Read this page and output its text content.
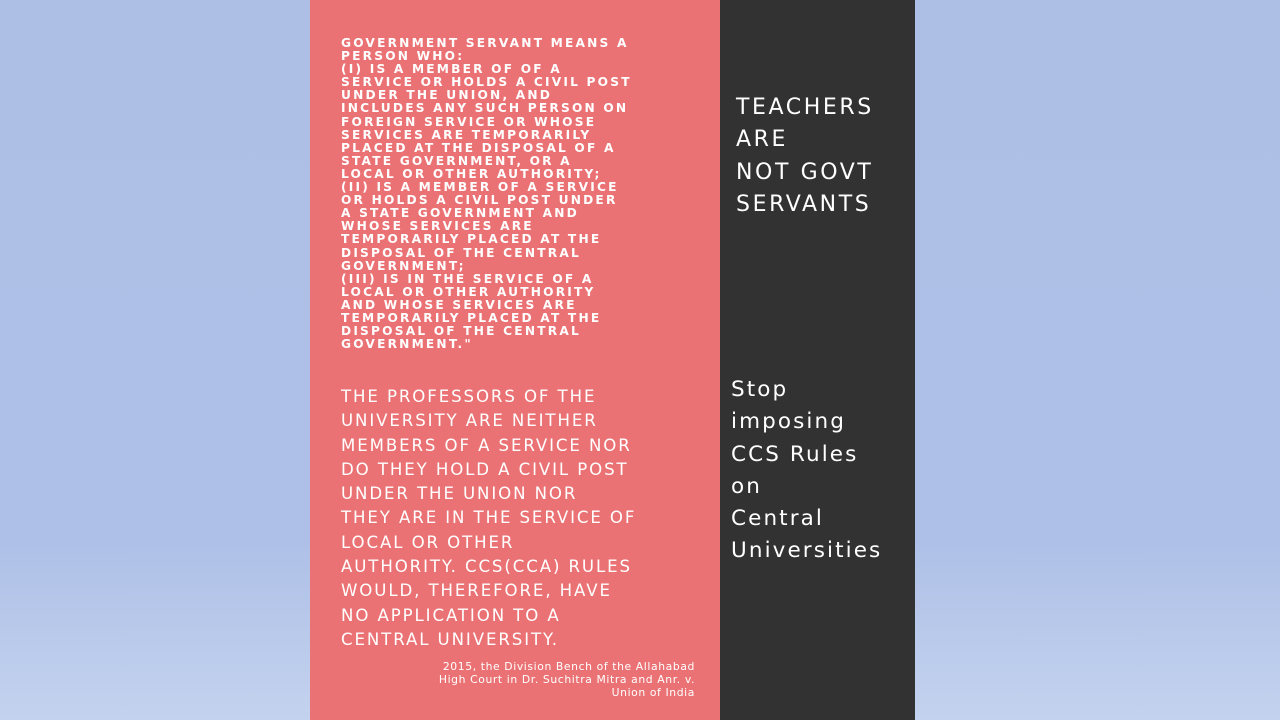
GOVERNMENT SERVANT MEANS A
PERSON WHO:
(I) IS A MEMBER OF OF A
SERVICE OR HOLDS A CIVIL POST
UNDER THE UNION, AND
INCLUDES ANY SUCH PERSON ON
FOREIGN SERVICE OR WHOSE
SERVICES ARE TEMPORARILY
PLACED AT THE DISPOSAL OF A
STATE GOVERNMENT, OR A
LOCAL OR OTHER AUTHORITY;
(II) IS A MEMBER OF A SERVICE
OR HOLDS A CIVIL POST UNDER
A STATE GOVERNMENT AND
WHOSE SERVICES ARE
TEMPORARILY PLACED AT THE
DISPOSAL OF THE CENTRAL
GOVERNMENT;
(III) IS IN THE SERVICE OF A
LOCAL OR OTHER AUTHORITY
AND WHOSE SERVICES ARE
TEMPORARILY PLACED AT THE
DISPOSAL OF THE CENTRAL
GOVERNMENT."
THE PROFESSORS OF THE
UNIVERSITY ARE NEITHER
MEMBERS OF A SERVICE NOR
DO THEY HOLD A CIVIL POST
UNDER THE UNION NOR
THEY ARE IN THE SERVICE OF
LOCAL OR OTHER
AUTHORITY. CCS(CCA) RULES
WOULD, THEREFORE, HAVE
NO APPLICATION TO A
CENTRAL UNIVERSITY.
2015, the Division Bench of the Allahabad
High Court in Dr. Suchitra Mitra and Anr. v.
Union of India
TEACHERS
ARE
NOT GOVT
SERVANTS
Stop
imposing
CCS Rules
on
Central
Universities
